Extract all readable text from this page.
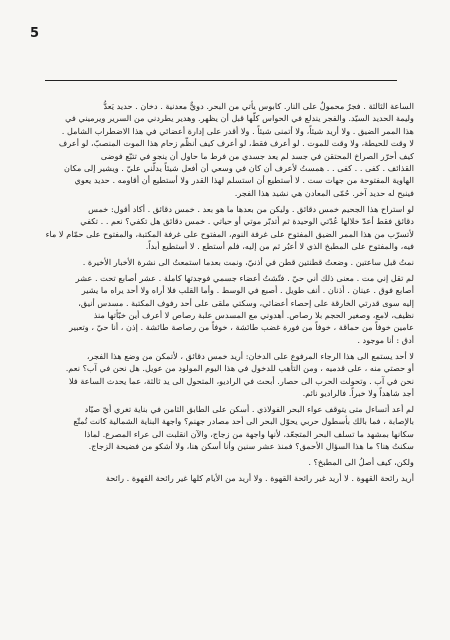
5
الساعة الثالثة . فجرٌ محمولٌ على النار. كابوس يأتي من البحر. دويٌّ معدنية . دخان . حديد يَعدُّ
وليمة الحديد السيّد. والفجر يندلع في الحواس كلّها قبل أن يظهر. وهدير يطردني من السرير ويرميني في
هذا الممر الضيق . ولا أريد شيئاً، ولا أتمنى شيئاً . ولا أقدر على إدارة أعضائي في هذا الاضطراب الشامل .
لا وقت للحيطة، ولا وقت للموت . لو أعرف فقط، لو أعرف كيف أنظّم زحام هذا الموت المنصبّ، لو أعرف
كيف أحرّر الصراخ المحتقن في جسد لم يعد جسدي من فرط ما حاول أن ينجو في تتبّع فوضى
القذائف . كفى . . كفى . . همستُ لأعرف أن كان في وسعي أن أفعل شيئاً يدلّني عليّ . ويشير إلى مكان
الهاوية المفتوحة من جهات ست . لا أستطيع أن استسلم لهذا القدر ولا أستطيع أن أقاومه . حديد يعوي
فينبح له حديد آخر. حُمّى المعادن هي نشيد هذا الفجر.
لو استراح هذا الجحيم خمس دقائق . وليكن من بعدها ما هو بعد . خمس دقائق . أكاد أقول: خمس
دقائق فقط أعدّ خلالها عُدّتي الوحيدة ثم أتدبّر موتي أو حياتي . خمس دقائق هل تكفي؟ نعم . . تكفي
لأتسرّب من هذا الممر الضيق المفتوح على غرفة النوم، المفتوح على غرفة المكتبة، والمفتوح على حمّام لا ماء
فيه، والمفتوح على المطبخ الذي لا أعبُر ثم من إليه، فلم أستطع . لا أستطيع أبداً.
نمتُ قبل ساعتين . وضعتُ قطنتين قطن في أذنيّ، ونمت بعدما استمعتُ الى نشرة الأخبار الأخيرة .
لم تقل إني مت . معنى ذلك أني حيّ . فتّشتُ أعضاء جسمي فوجدتها كاملة . عشر أصابع تحت . عشر
أصابع فوق . عينان . أذنان . أنف طويل . أصبع في الوسط . وأما القلب فلا أراه ولا أحد يراه ما يشير
إليه سوى قدرتي الخارقة على إحصاء أعضائي، وسكتي ملقى على أحد رفوف المكتبة . مسدس أنيق،
نظيف، لامع، وصغير الحجم بلا رصاص. أهدوني مع المسدس علبة رصاص لا أعرف أين خبّأتها منذ
عامين خوفاً من حماقة ، خوفاً من فورة غضب طائشة ، خوفاً من رصاصة طائشة . إذن ، أنا حيّ ، وتعبير
أدق : أنا موجود .
لا أحد يستمع الى هذا الرجاء المرفوع على الدخان: أريد خمس دقائق ، لأتمكن من وضع هذا الفجر،
أو حصتي منه ، على قدميه ، ومن التأهب للدخول في هذا اليوم المولود من عويل. هل نحن في آب؟ نعم.
نحن في آب . وتحولت الحرب الى حصار. أبحث في الراديو، المتحول الى يد ثالثة، عما يحدث الساعة فلا
أجد شاهداً ولا خبراً. فالراديو نائم.
لم أعد أتساءل متى يتوقف عواء البحر الفولاذي . أسكن على الطابق الثامن في بناية تغري أيّ صيّاد
بالإصابة ، فما بالك بأسطول حربي يحوّل البحر الى أحد مصادر جهنم؟ واجهة البناية الشمالية كانت تُمتّع
سكانها بمشهد ما تسلف البحر المتجعّد، لأنها واجهة من زجاج، والآن انقلبت الى عراء المصرع. لماذا
سكنتُ هنا؟ ما هذا السؤال الأحمق؟ فمنذ عشر سنين وأنا أسكن هنا، ولا أشكو من فضيحة الزجاج.
ولكن، كيف أصلُ الى المطبخ؟ .
أريد رائحة القهوة . لا أريد غير رائحة القهوة . ولا أريد من الأيام كلها غير رائحة القهوة . رائحة
